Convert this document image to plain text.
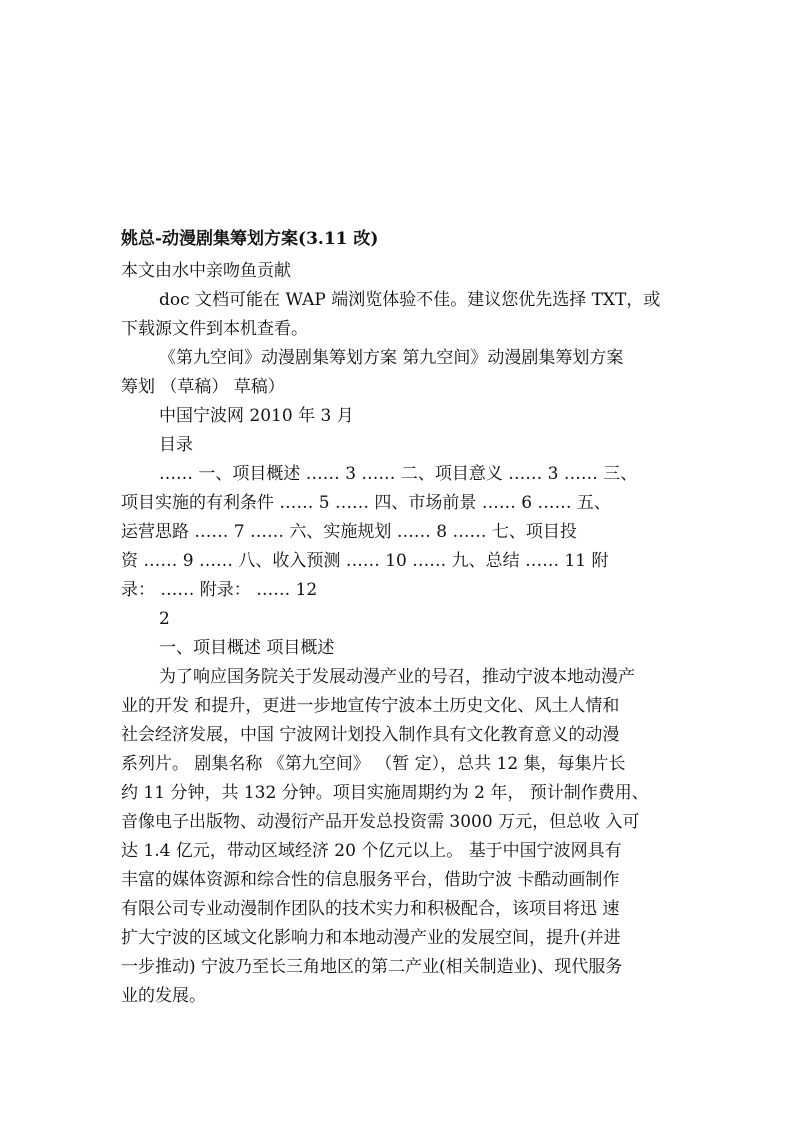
姚总-动漫剧集筹划方案(3.11 改)
本文由水中亲吻鱼贡献
doc 文档可能在 WAP 端浏览体验不佳。建议您优先选择 TXT，或
下载源文件到本机查看。
《第九空间》动漫剧集筹划方案 第九空间》动漫剧集筹划方案
筹划 （草稿） 草稿）
中国宁波网 2010 年 3 月
目录
…… 一、项目概述 …… 3 …… 二、项目意义 …… 3 …… 三、
项目实施的有利条件 …… 5 …… 四、市场前景 …… 6 …… 五、
运营思路 …… 7 …… 六、实施规划 …… 8 …… 七、项目投
资 …… 9 …… 八、收入预测 …… 10 …… 九、总结 …… 11 附
录： …… 附录： …… 12
2
一、项目概述 项目概述
为了响应国务院关于发展动漫产业的号召，推动宁波本地动漫产
业的开发 和提升，更进一步地宣传宁波本土历史文化、风土人情和
社会经济发展，中国 宁波网计划投入制作具有文化教育意义的动漫
系列片。 剧集名称 《第九空间》 （暂 定），总共 12 集，每集片长
约 11 分钟，共 132 分钟。项目实施周期约为 2 年， 预计制作费用、
音像电子出版物、动漫衍产品开发总投资需 3000 万元，但总收 入可
达 1.4 亿元，带动区域经济 20 个亿元以上。 基于中国宁波网具有
丰富的媒体资源和综合性的信息服务平台，借助宁波 卡酷动画制作
有限公司专业动漫制作团队的技术实力和积极配合，该项目将迅 速
扩大宁波的区域文化影响力和本地动漫产业的发展空间，提升(并进
一步推动) 宁波乃至长三角地区的第二产业(相关制造业)、现代服务
业的发展。
